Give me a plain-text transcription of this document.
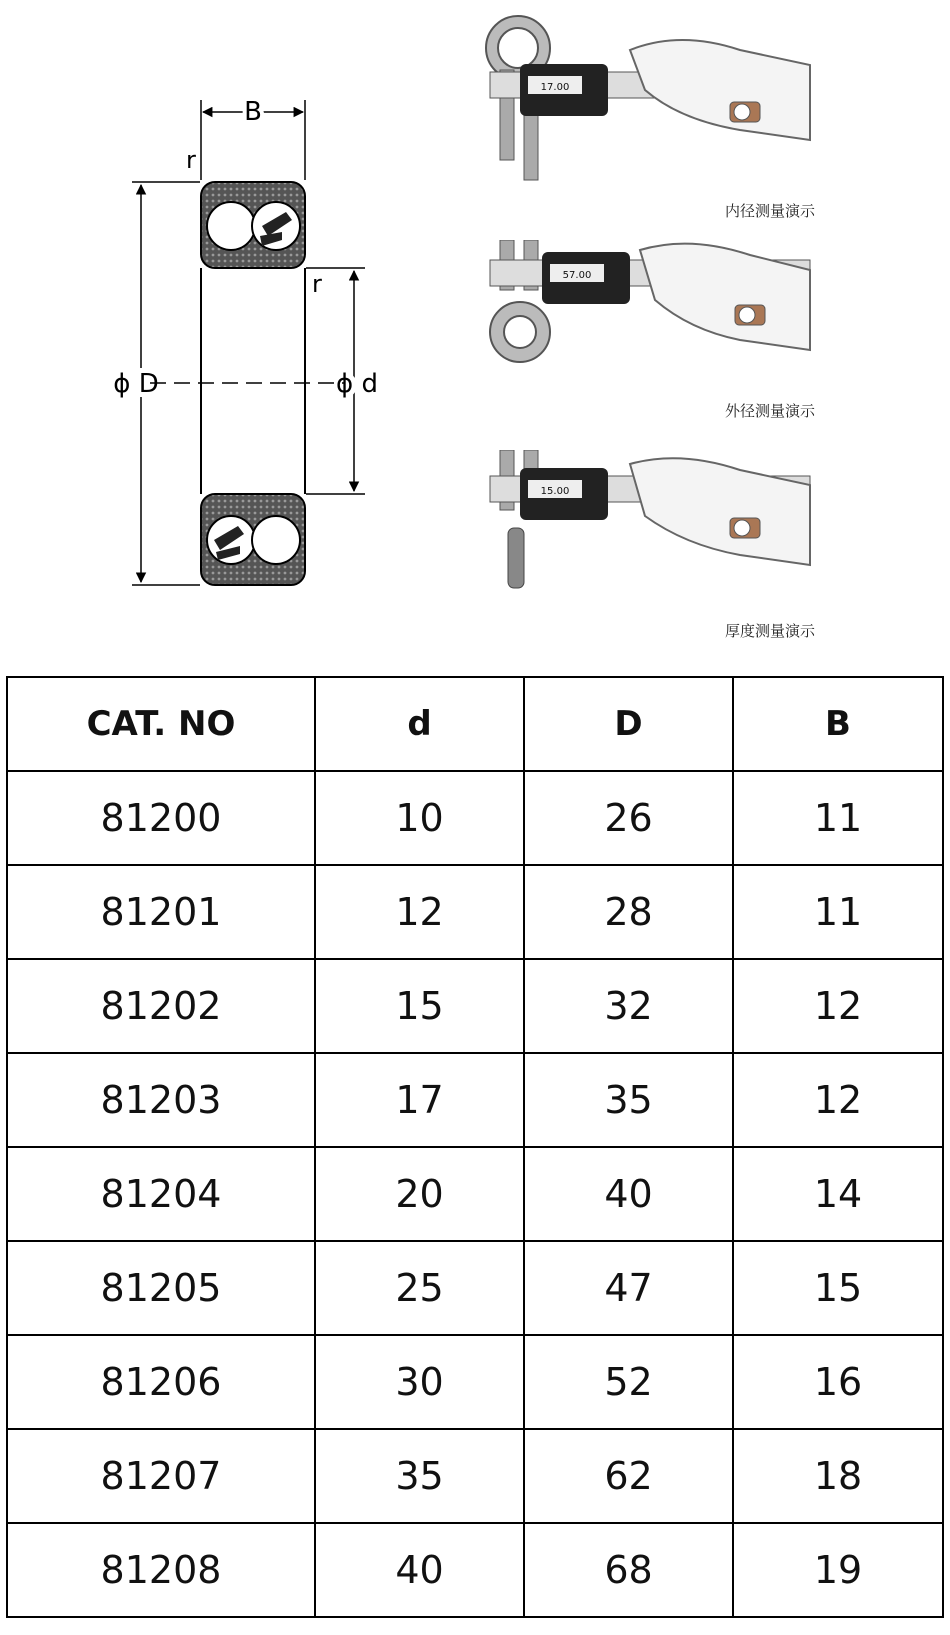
B
r
r
ϕ D	ϕ d
17.00
内径测量演示
57.00
外径测量演示
15.00
厚度测量演示
CAT. NO	d	D	B
81200	10	26	11
81201	12	28	11
81202	15	32	12
81203	17	35	12
81204	20	40	14
81205	25	47	15
81206	30	52	16
81207	35	62	18
81208	40	68	19
